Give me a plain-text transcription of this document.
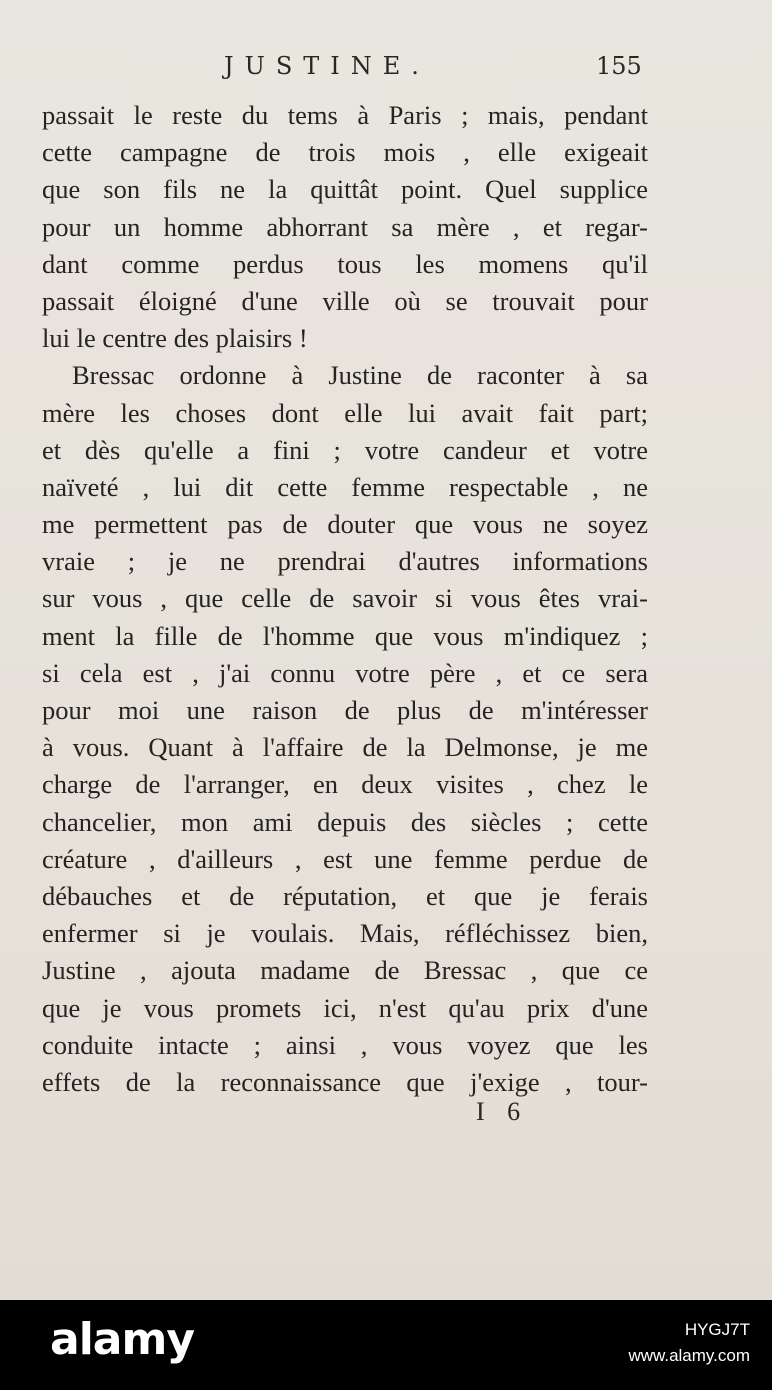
JUSTINE.	155
passait le reste du tems à Paris ; mais, pendant
cette campagne de trois mois , elle exigeait
que son fils ne la quittât point. Quel supplice
pour un homme abhorrant sa mère , et regar-
dant comme perdus tous les momens qu'il
passait éloigné d'une ville où se trouvait pour
lui le centre des plaisirs !
Bressac ordonne à Justine de raconter à sa
mère les choses dont elle lui avait fait part;
et dès qu'elle a fini ; votre candeur et votre
naïveté , lui dit cette femme respectable , ne
me permettent pas de douter que vous ne soyez
vraie ; je ne prendrai d'autres informations
sur vous , que celle de savoir si vous êtes vrai-
ment la fille de l'homme que vous m'indiquez ;
si cela est , j'ai connu votre père , et ce sera
pour moi une raison de plus de m'intéresser
à vous. Quant à l'affaire de la Delmonse, je me
charge de l'arranger, en deux visites , chez le
chancelier, mon ami depuis des siècles ; cette
créature , d'ailleurs , est une femme perdue de
débauches et de réputation, et que je ferais
enfermer si je voulais. Mais, réfléchissez bien,
Justine , ajouta madame de Bressac , que ce
que je vous promets ici, n'est qu'au prix d'une
conduite intacte ; ainsi , vous voyez que les
effets de la reconnaissance que j'exige , tour-
I 6
alamy	HYGJ7T
www.alamy.com
